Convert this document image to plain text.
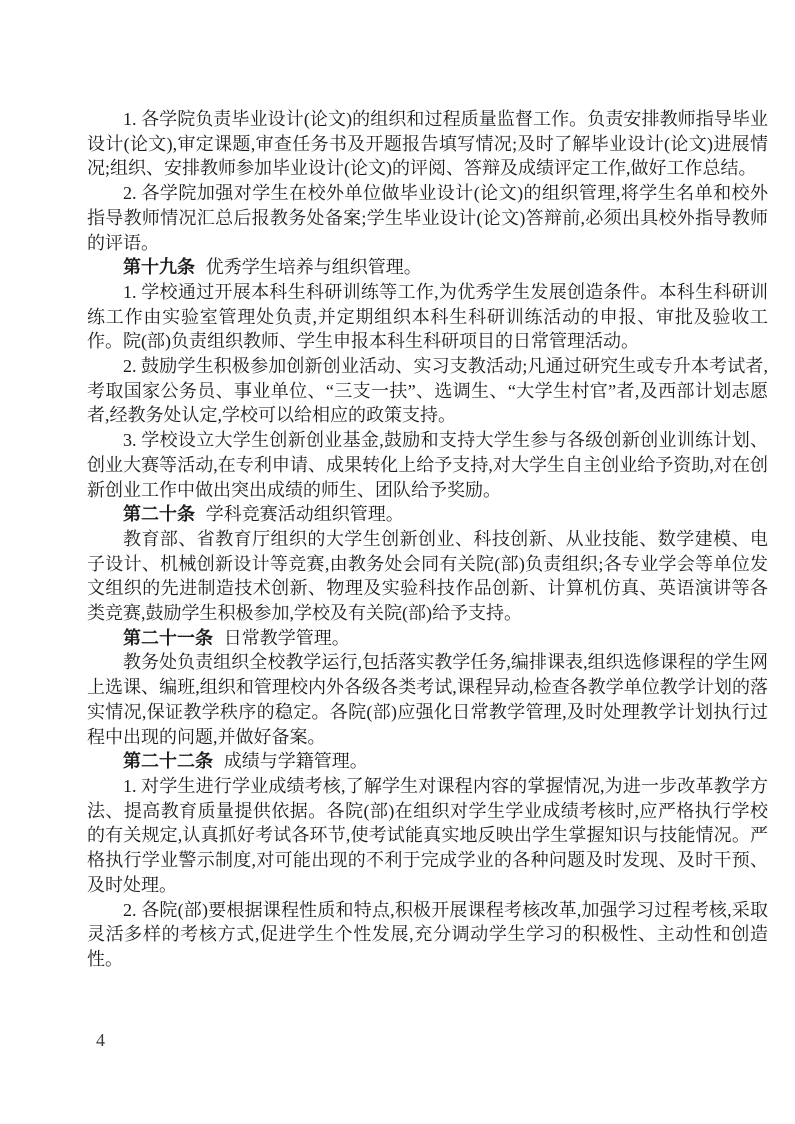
1. 各学院负责毕业设计(论文)的组织和过程质量监督工作。负责安排教师指导毕业设计(论文),审定课题,审查任务书及开题报告填写情况;及时了解毕业设计(论文)进展情况;组织、安排教师参加毕业设计(论文)的评阅、答辩及成绩评定工作,做好工作总结。

2. 各学院加强对学生在校外单位做毕业设计(论文)的组织管理,将学生名单和校外指导教师情况汇总后报教务处备案;学生毕业设计(论文)答辩前,必须出具校外指导教师的评语。

第十九条 优秀学生培养与组织管理。

1. 学校通过开展本科生科研训练等工作,为优秀学生发展创造条件。本科生科研训练工作由实验室管理处负责,并定期组织本科生科研训练活动的申报、审批及验收工作。院(部)负责组织教师、学生申报本科生科研项目的日常管理活动。

2. 鼓励学生积极参加创新创业活动、实习支教活动;凡通过研究生或专升本考试者,考取国家公务员、事业单位、“三支一扶”、选调生、“大学生村官”者,及西部计划志愿者,经教务处认定,学校可以给相应的政策支持。

3. 学校设立大学生创新创业基金,鼓励和支持大学生参与各级创新创业训练计划、创业大赛等活动,在专利申请、成果转化上给予支持,对大学生自主创业给予资助,对在创新创业工作中做出突出成绩的师生、团队给予奖励。

第二十条 学科竞赛活动组织管理。

教育部、省教育厅组织的大学生创新创业、科技创新、从业技能、数学建模、电子设计、机械创新设计等竞赛,由教务处会同有关院(部)负责组织;各专业学会等单位发文组织的先进制造技术创新、物理及实验科技作品创新、计算机仿真、英语演讲等各类竞赛,鼓励学生积极参加,学校及有关院(部)给予支持。

第二十一条 日常教学管理。

教务处负责组织全校教学运行,包括落实教学任务,编排课表,组织选修课程的学生网上选课、编班,组织和管理校内外各级各类考试,课程异动,检查各教学单位教学计划的落实情况,保证教学秩序的稳定。各院(部)应强化日常教学管理,及时处理教学计划执行过程中出现的问题,并做好备案。

第二十二条 成绩与学籍管理。

1. 对学生进行学业成绩考核,了解学生对课程内容的掌握情况,为进一步改革教学方法、提高教育质量提供依据。各院(部)在组织对学生学业成绩考核时,应严格执行学校的有关规定,认真抓好考试各环节,使考试能真实地反映出学生掌握知识与技能情况。严格执行学业警示制度,对可能出现的不利于完成学业的各种问题及时发现、及时干预、及时处理。

2. 各院(部)要根据课程性质和特点,积极开展课程考核改革,加强学习过程考核,采取灵活多样的考核方式,促进学生个性发展,充分调动学生学习的积极性、主动性和创造性。

4
